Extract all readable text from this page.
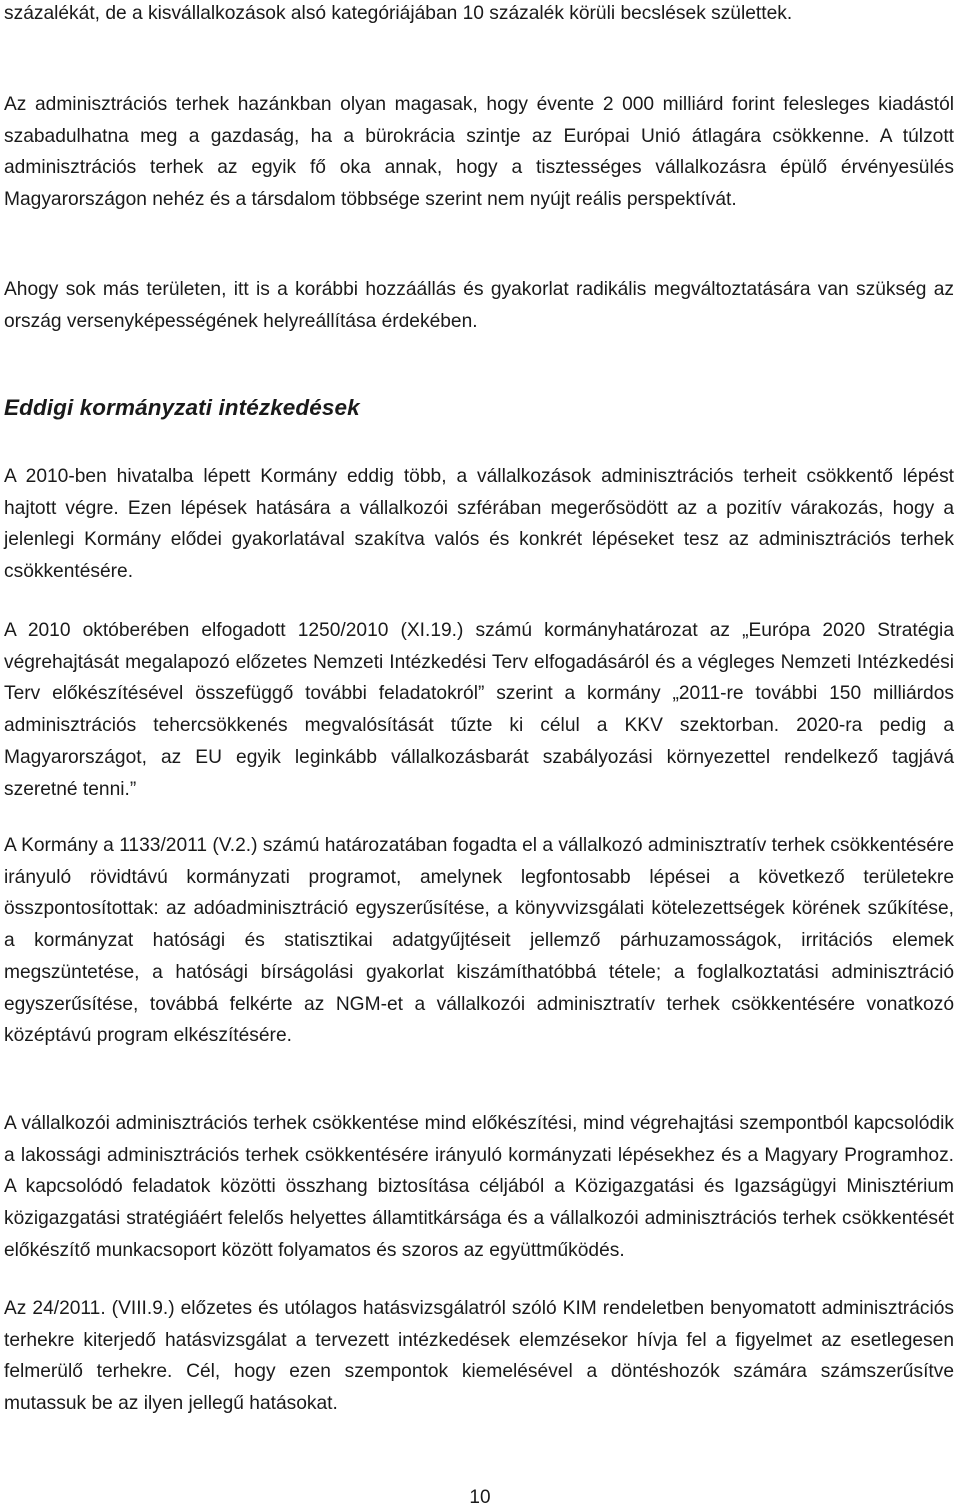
százalékát, de a kisvállalkozások alsó kategóriájában 10 százalék körüli becslések születtek.

Az adminisztrációs terhek hazánkban olyan magasak, hogy évente 2 000 milliárd forint felesleges kiadástól szabadulhatna meg a gazdaság, ha a bürokrácia szintje az Európai Unió átlagára csökkenne. A túlzott adminisztrációs terhek az egyik fő oka annak, hogy a tisztességes vállalkozásra épülő érvényesülés Magyarországon nehéz és a társdalom többsége szerint nem nyújt reális perspektívát.

Ahogy sok más területen, itt is a korábbi hozzáállás és gyakorlat radikális megváltoztatására van szükség az ország versenyképességének helyreállítása érdekében.

Eddigi kormányzati intézkedések

A 2010-ben hivatalba lépett Kormány eddig több, a vállalkozások adminisztrációs terheit csökkentő lépést hajtott végre. Ezen lépések hatására a vállalkozói szférában megerősödött az a pozitív várakozás, hogy a jelenlegi Kormány elődei gyakorlatával szakítva valós és konkrét lépéseket tesz az adminisztrációs terhek csökkentésére.

A 2010 októberében elfogadott 1250/2010 (XI.19.) számú kormányhatározat az „Európa 2020 Stratégia végrehajtását megalapozó előzetes Nemzeti Intézkedési Terv elfogadásáról és a végleges Nemzeti Intézkedési Terv előkészítésével összefüggő további feladatokról” szerint a kormány „2011-re további 150 milliárdos adminisztrációs tehercsökkenés megvalósítását tűzte ki célul a KKV szektorban. 2020-ra pedig a Magyarországot, az EU egyik leginkább vállalkozásbarát szabályozási környezettel rendelkező tagjává szeretné tenni.”

A Kormány a 1133/2011 (V.2.) számú határozatában fogadta el a vállalkozó adminisztratív terhek csökkentésére irányuló rövidtávú kormányzati programot, amelynek legfontosabb lépései a következő területekre összpontosítottak: az adóadminisztráció egyszerűsítése, a könyvvizsgálati kötelezettségek körének szűkítése, a kormányzat hatósági és statisztikai adatgyűjtéseit jellemző párhuzamosságok, irritációs elemek megszüntetése, a hatósági bírságolási gyakorlat kiszámíthatóbbá tétele; a foglalkoztatási adminisztráció egyszerűsítése, továbbá felkérte az NGM-et a vállalkozói adminisztratív terhek csökkentésére vonatkozó középtávú program elkészítésére.

A vállalkozói adminisztrációs terhek csökkentése mind előkészítési, mind végrehajtási szempontból kapcsolódik a lakossági adminisztrációs terhek csökkentésére irányuló kormányzati lépésekhez és a Magyary Programhoz. A kapcsolódó feladatok közötti összhang biztosítása céljából a Közigazgatási és Igazságügyi Minisztérium közigazgatási stratégiáért felelős helyettes államtitkársága és a vállalkozói adminisztrációs terhek csökkentését előkészítő munkacsoport között folyamatos és szoros az együttműködés.

Az 24/2011. (VIII.9.) előzetes és utólagos hatásvizsgálatról szóló KIM rendeletben benyomatott adminisztrációs terhekre kiterjedő hatásvizsgálat a tervezett intézkedések elemzésekor hívja fel a figyelmet az esetlegesen felmerülő terhekre. Cél, hogy ezen szempontok kiemelésével a döntéshozók számára számszerűsítve mutassuk be az ilyen jellegű hatásokat.

10
